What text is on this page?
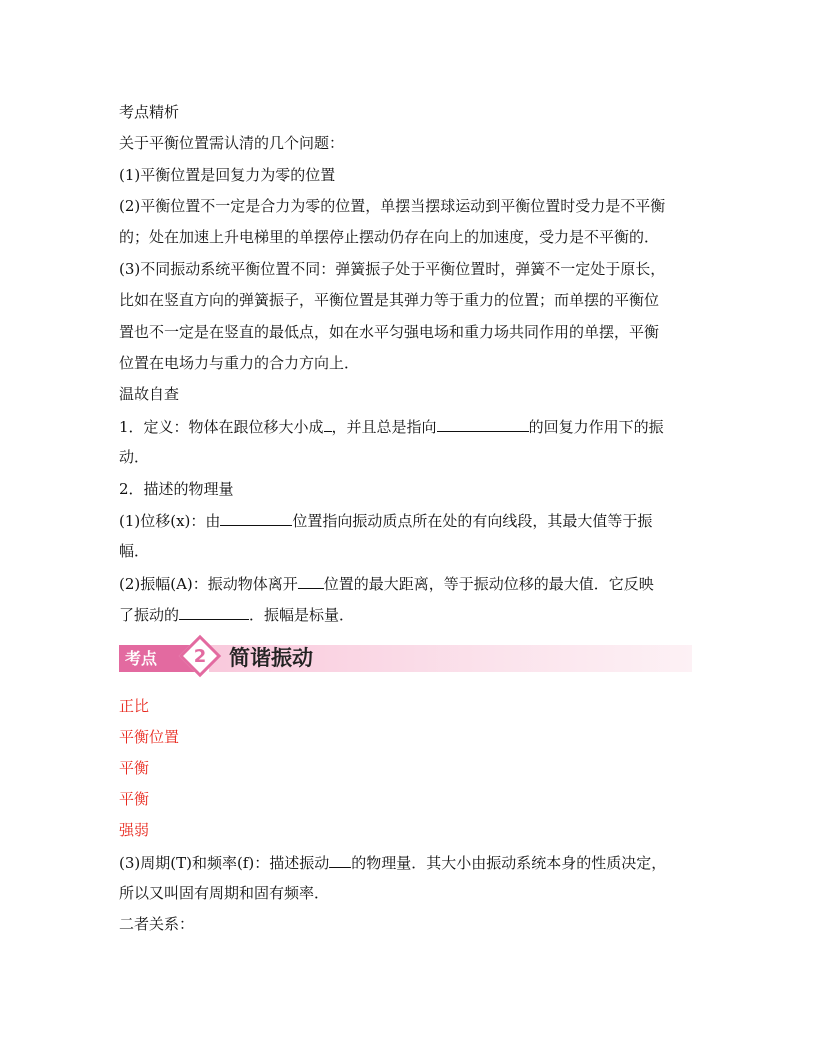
考点精析
关于平衡位置需认清的几个问题：
(1)平衡位置是回复力为零的位置
(2)平衡位置不一定是合力为零的位置，单摆当摆球运动到平衡位置时受力是不平衡
的；处在加速上升电梯里的单摆停止摆动仍存在向上的加速度，受力是不平衡的．
(3)不同振动系统平衡位置不同：弹簧振子处于平衡位置时，弹簧不一定处于原长，
比如在竖直方向的弹簧振子，平衡位置是其弹力等于重力的位置；而单摆的平衡位
置也不一定是在竖直的最低点，如在水平匀强电场和重力场共同作用的单摆，平衡
位置在电场力与重力的合力方向上．
温故自查
1．定义：物体在跟位移大小成 ，并且总是指向	的回复力作用下的振
动．
2．描述的物理量
(1)位移(x)：由	位置指向振动质点所在处的有向线段，其最大值等于振
幅．
(2)振幅(A)：振动物体离开 位置的最大距离，等于振动位移的最大值．它反映
了振动的	．振幅是标量．
考点	2	简谐振动
正比
平衡位置
平衡
平衡
强弱
(3)周期(T)和频率(f)：描述振动 的物理量．其大小由振动系统本身的性质决定，
所以又叫固有周期和固有频率．
二者关系：
